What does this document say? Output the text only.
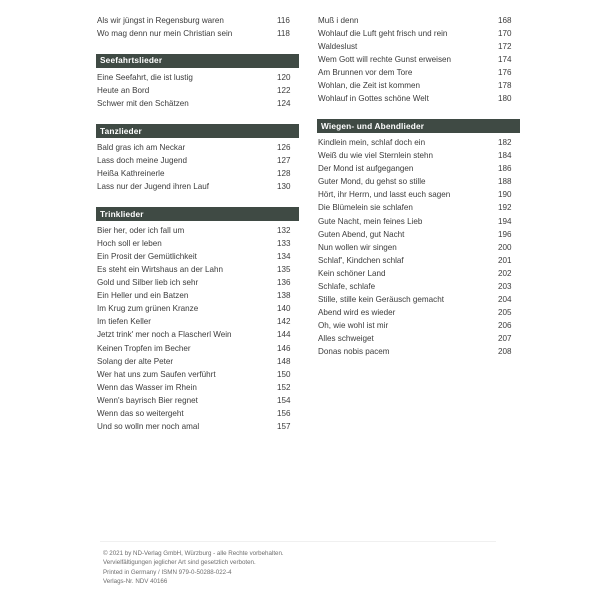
Als wir jüngst in Regensburg waren	116
Wo mag denn nur mein Christian sein	118
Seefahrtslieder
Eine Seefahrt, die ist lustig	120
Heute an Bord	122
Schwer mit den Schätzen	124
Tanzlieder
Bald gras ich am Neckar	126
Lass doch meine Jugend	127
Heißa Kathreinerle	128
Lass nur der Jugend ihren Lauf	130
Trinklieder
Bier her, oder ich fall um	132
Hoch soll er leben	133
Ein Prosit der Gemütlichkeit	134
Es steht ein Wirtshaus an der Lahn	135
Gold und Silber lieb ich sehr	136
Ein Heller und ein Batzen	138
Im Krug zum grünen Kranze	140
Im tiefen Keller	142
Jetzt trink' mer noch a Flascherl Wein	144
Keinen Tropfen im Becher	146
Solang der alte Peter	148
Wer hat uns zum Saufen verführt	150
Wenn das Wasser im Rhein	152
Wenn's bayrisch Bier regnet	154
Wenn das so weitergeht	156
Und so wolln mer noch amal	157
Muß i denn	168
Wohlauf die Luft geht frisch und rein	170
Waldeslust	172
Wem Gott will rechte Gunst erweisen	174
Am Brunnen vor dem Tore	176
Wohlan, die Zeit ist kommen	178
Wohlauf in Gottes schöne Welt	180
Wiegen- und Abendlieder
Kindlein mein, schlaf doch ein	182
Weiß du wie viel Sternlein stehn	184
Der Mond ist aufgegangen	186
Guter Mond, du gehst so stille	188
Hört, ihr Herrn, und lasst euch sagen	190
Die Blümelein sie schlafen	192
Gute Nacht, mein feines Lieb	194
Guten Abend, gut Nacht	196
Nun wollen wir singen	200
Schlaf', Kindchen schlaf	201
Kein schöner Land	202
Schlafe, schlafe	203
Stille, stille kein Geräusch gemacht	204
Abend wird es wieder	205
Oh, wie wohl ist mir	206
Alles schweiget	207
Donas nobis pacem	208

© 2021 by ND-Verlag GmbH, Würzburg - alle Rechte vorbehalten.

Vervielfältigungen jeglicher Art sind gesetzlich verboten.

Printed in Germany / ISMN 979-0-50288-022-4

Verlags-Nr. NDV 40166
